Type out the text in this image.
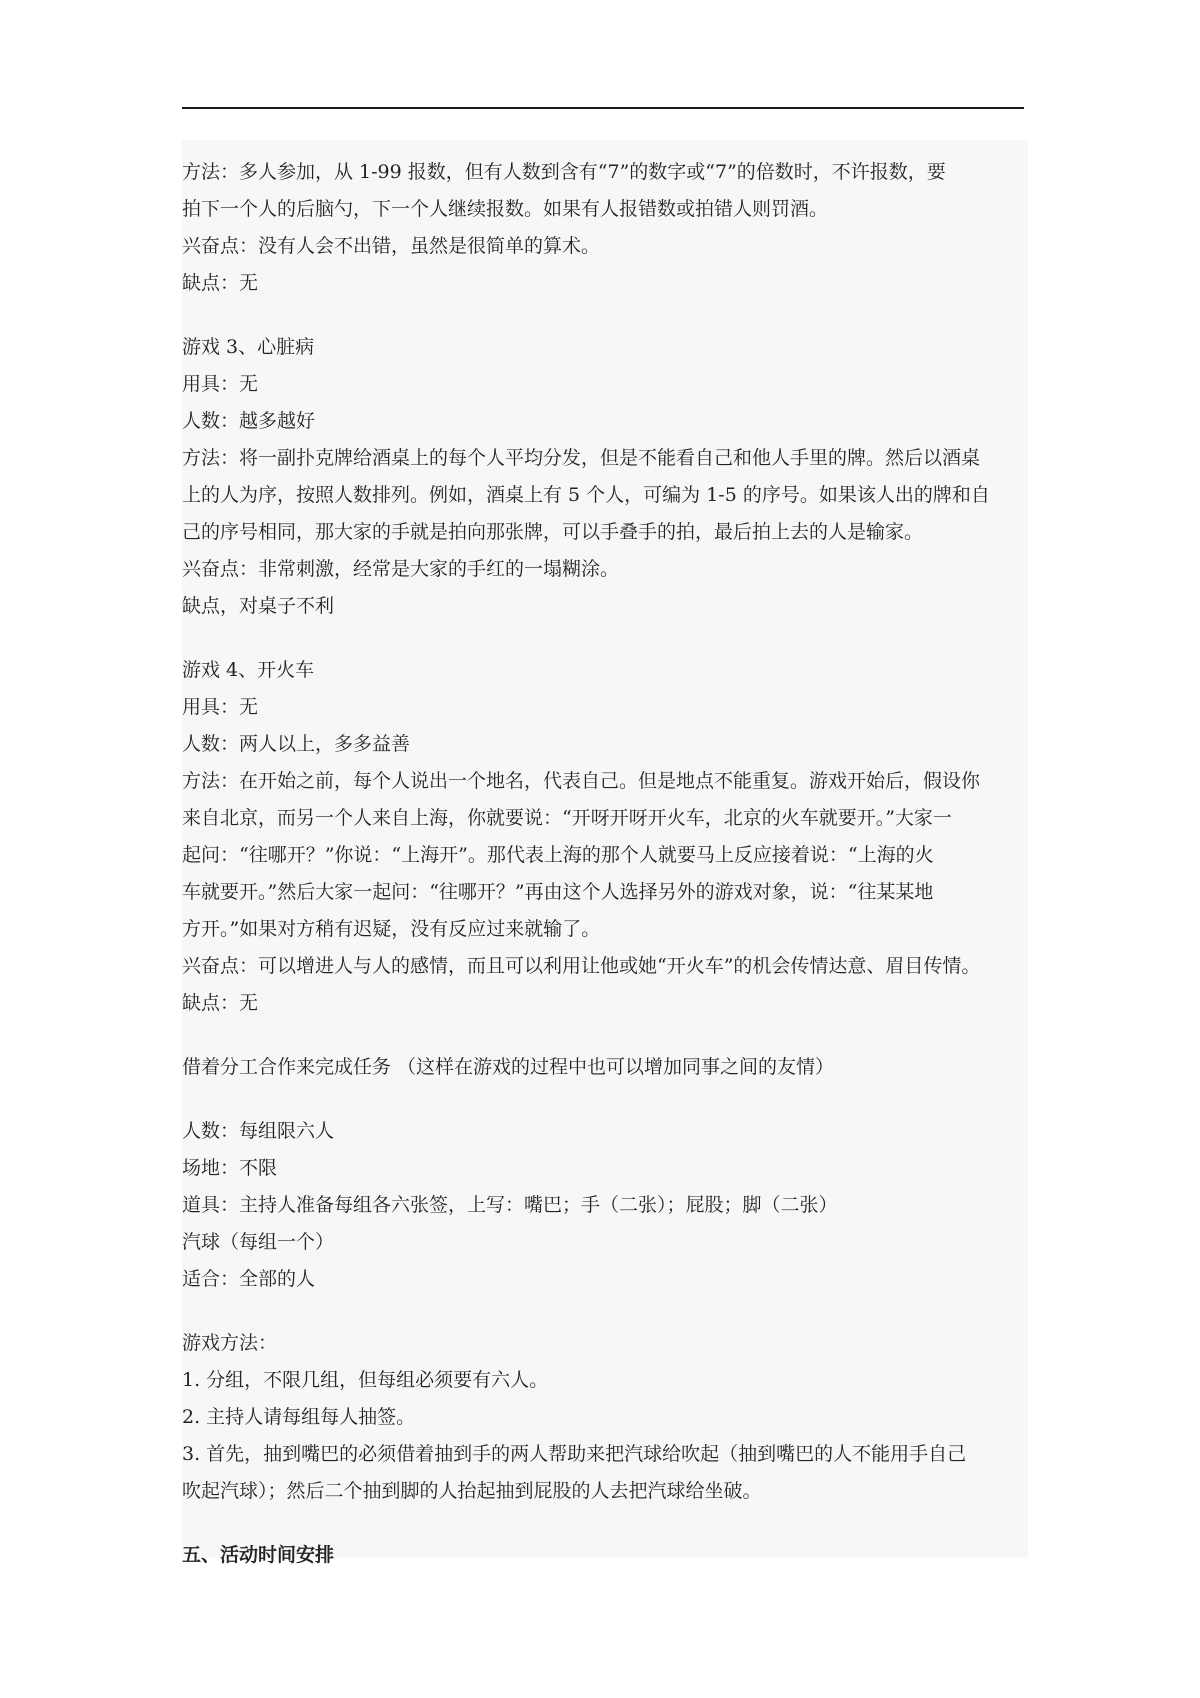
方法：多人参加，从 1-99 报数，但有人数到含有“7”的数字或“7”的倍数时，不许报数，要
拍下一个人的后脑勺，下一个人继续报数。如果有人报错数或拍错人则罚酒。
兴奋点：没有人会不出错，虽然是很简单的算术。
缺点：无
游戏 3、心脏病
用具：无
人数：越多越好
方法：将一副扑克牌给酒桌上的每个人平均分发，但是不能看自己和他人手里的牌。然后以酒桌
上的人为序，按照人数排列。例如，酒桌上有 5 个人，可编为 1-5 的序号。如果该人出的牌和自
己的序号相同，那大家的手就是拍向那张牌，可以手叠手的拍，最后拍上去的人是输家。
兴奋点：非常刺激，经常是大家的手红的一塌糊涂。
缺点，对桌子不利
游戏 4、开火车
用具：无
人数：两人以上，多多益善
方法：在开始之前，每个人说出一个地名，代表自己。但是地点不能重复。游戏开始后，假设你
来自北京，而另一个人来自上海，你就要说：“开呀开呀开火车，北京的火车就要开。”大家一
起问：“往哪开？”你说：“上海开”。那代表上海的那个人就要马上反应接着说：“上海的火
车就要开。”然后大家一起问：“往哪开？”再由这个人选择另外的游戏对象，说：“往某某地
方开。”如果对方稍有迟疑，没有反应过来就输了。
兴奋点：可以增进人与人的感情，而且可以利用让他或她“开火车”的机会传情达意、眉目传情。
缺点：无
借着分工合作来完成任务 （这样在游戏的过程中也可以增加同事之间的友情）
人数：每组限六人
场地：不限
道具：主持人准备每组各六张签，上写：嘴巴；手（二张）；屁股；脚（二张）
汽球（每组一个）
适合：全部的人
游戏方法：
1. 分组，不限几组，但每组必须要有六人。
2. 主持人请每组每人抽签。
3. 首先，抽到嘴巴的必须借着抽到手的两人帮助来把汽球给吹起（抽到嘴巴的人不能用手自己
吹起汽球）；然后二个抽到脚的人抬起抽到屁股的人去把汽球给坐破。
五、活动时间安排
